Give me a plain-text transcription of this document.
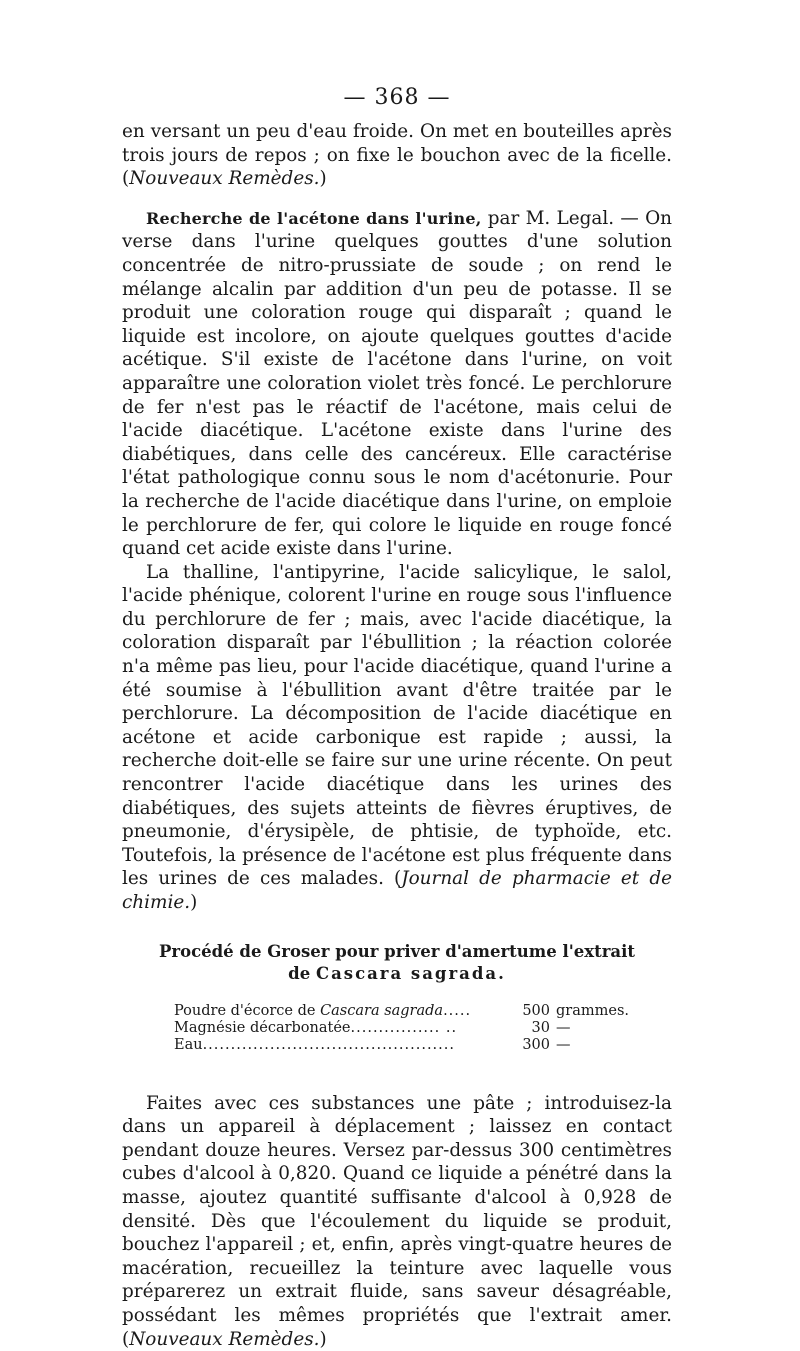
— 368 —

en versant un peu d'eau froide. On met en bouteilles après trois jours de repos ; on fixe le bouchon avec de la ficelle. (Nouveaux Remèdes.)

Recherche de l'acétone dans l'urine, par M. Legal. — On verse dans l'urine quelques gouttes d'une solution concentrée de nitro-prussiate de soude ; on rend le mélange alcalin par addition d'un peu de potasse. Il se produit une coloration rouge qui disparaît ; quand le liquide est incolore, on ajoute quelques gouttes d'acide acétique. S'il existe de l'acétone dans l'urine, on voit apparaître une coloration violet très foncé. Le perchlorure de fer n'est pas le réactif de l'acétone, mais celui de l'acide diacétique. L'acétone existe dans l'urine des diabétiques, dans celle des cancéreux. Elle caractérise l'état pathologique connu sous le nom d'acétonurie. Pour la recherche de l'acide diacétique dans l'urine, on emploie le perchlorure de fer, qui colore le liquide en rouge foncé quand cet acide existe dans l'urine.

La thalline, l'antipyrine, l'acide salicylique, le salol, l'acide phénique, colorent l'urine en rouge sous l'influence du perchlorure de fer ; mais, avec l'acide diacétique, la coloration disparaît par l'ébullition ; la réaction colorée n'a même pas lieu, pour l'acide diacétique, quand l'urine a été soumise à l'ébullition avant d'être traitée par le perchlorure. La décomposition de l'acide diacétique en acétone et acide carbonique est rapide ; aussi, la recherche doit-elle se faire sur une urine récente. On peut rencontrer l'acide diacétique dans les urines des diabétiques, des sujets atteints de fièvres éruptives, de pneumonie, d'érysipèle, de phtisie, de typhoïde, etc. Toutefois, la présence de l'acétone est plus fréquente dans les urines de ces malades. (Journal de pharmacie et de chimie.)

Procédé de Groser pour priver d'amertume l'extrait

de Cascara sagrada.

Poudre d'écorce de Cascara sagrada.....	500 grammes.
Magnésie décarbonatée................ ..	30 —
Eau.............................................	300 —

Faites avec ces substances une pâte ; introduisez-la dans un appareil à déplacement ; laissez en contact pendant douze heures. Versez par-dessus 300 centimètres cubes d'alcool à 0,820. Quand ce liquide a pénétré dans la masse, ajoutez quantité suffisante d'alcool à 0,928 de densité. Dès que l'écoulement du liquide se produit, bouchez l'appareil ; et, enfin, après vingt-quatre heures de macération, recueillez la teinture avec laquelle vous préparerez un extrait fluide, sans saveur désagréable, possédant les mêmes propriétés que l'extrait amer. (Nouveaux Remèdes.)
